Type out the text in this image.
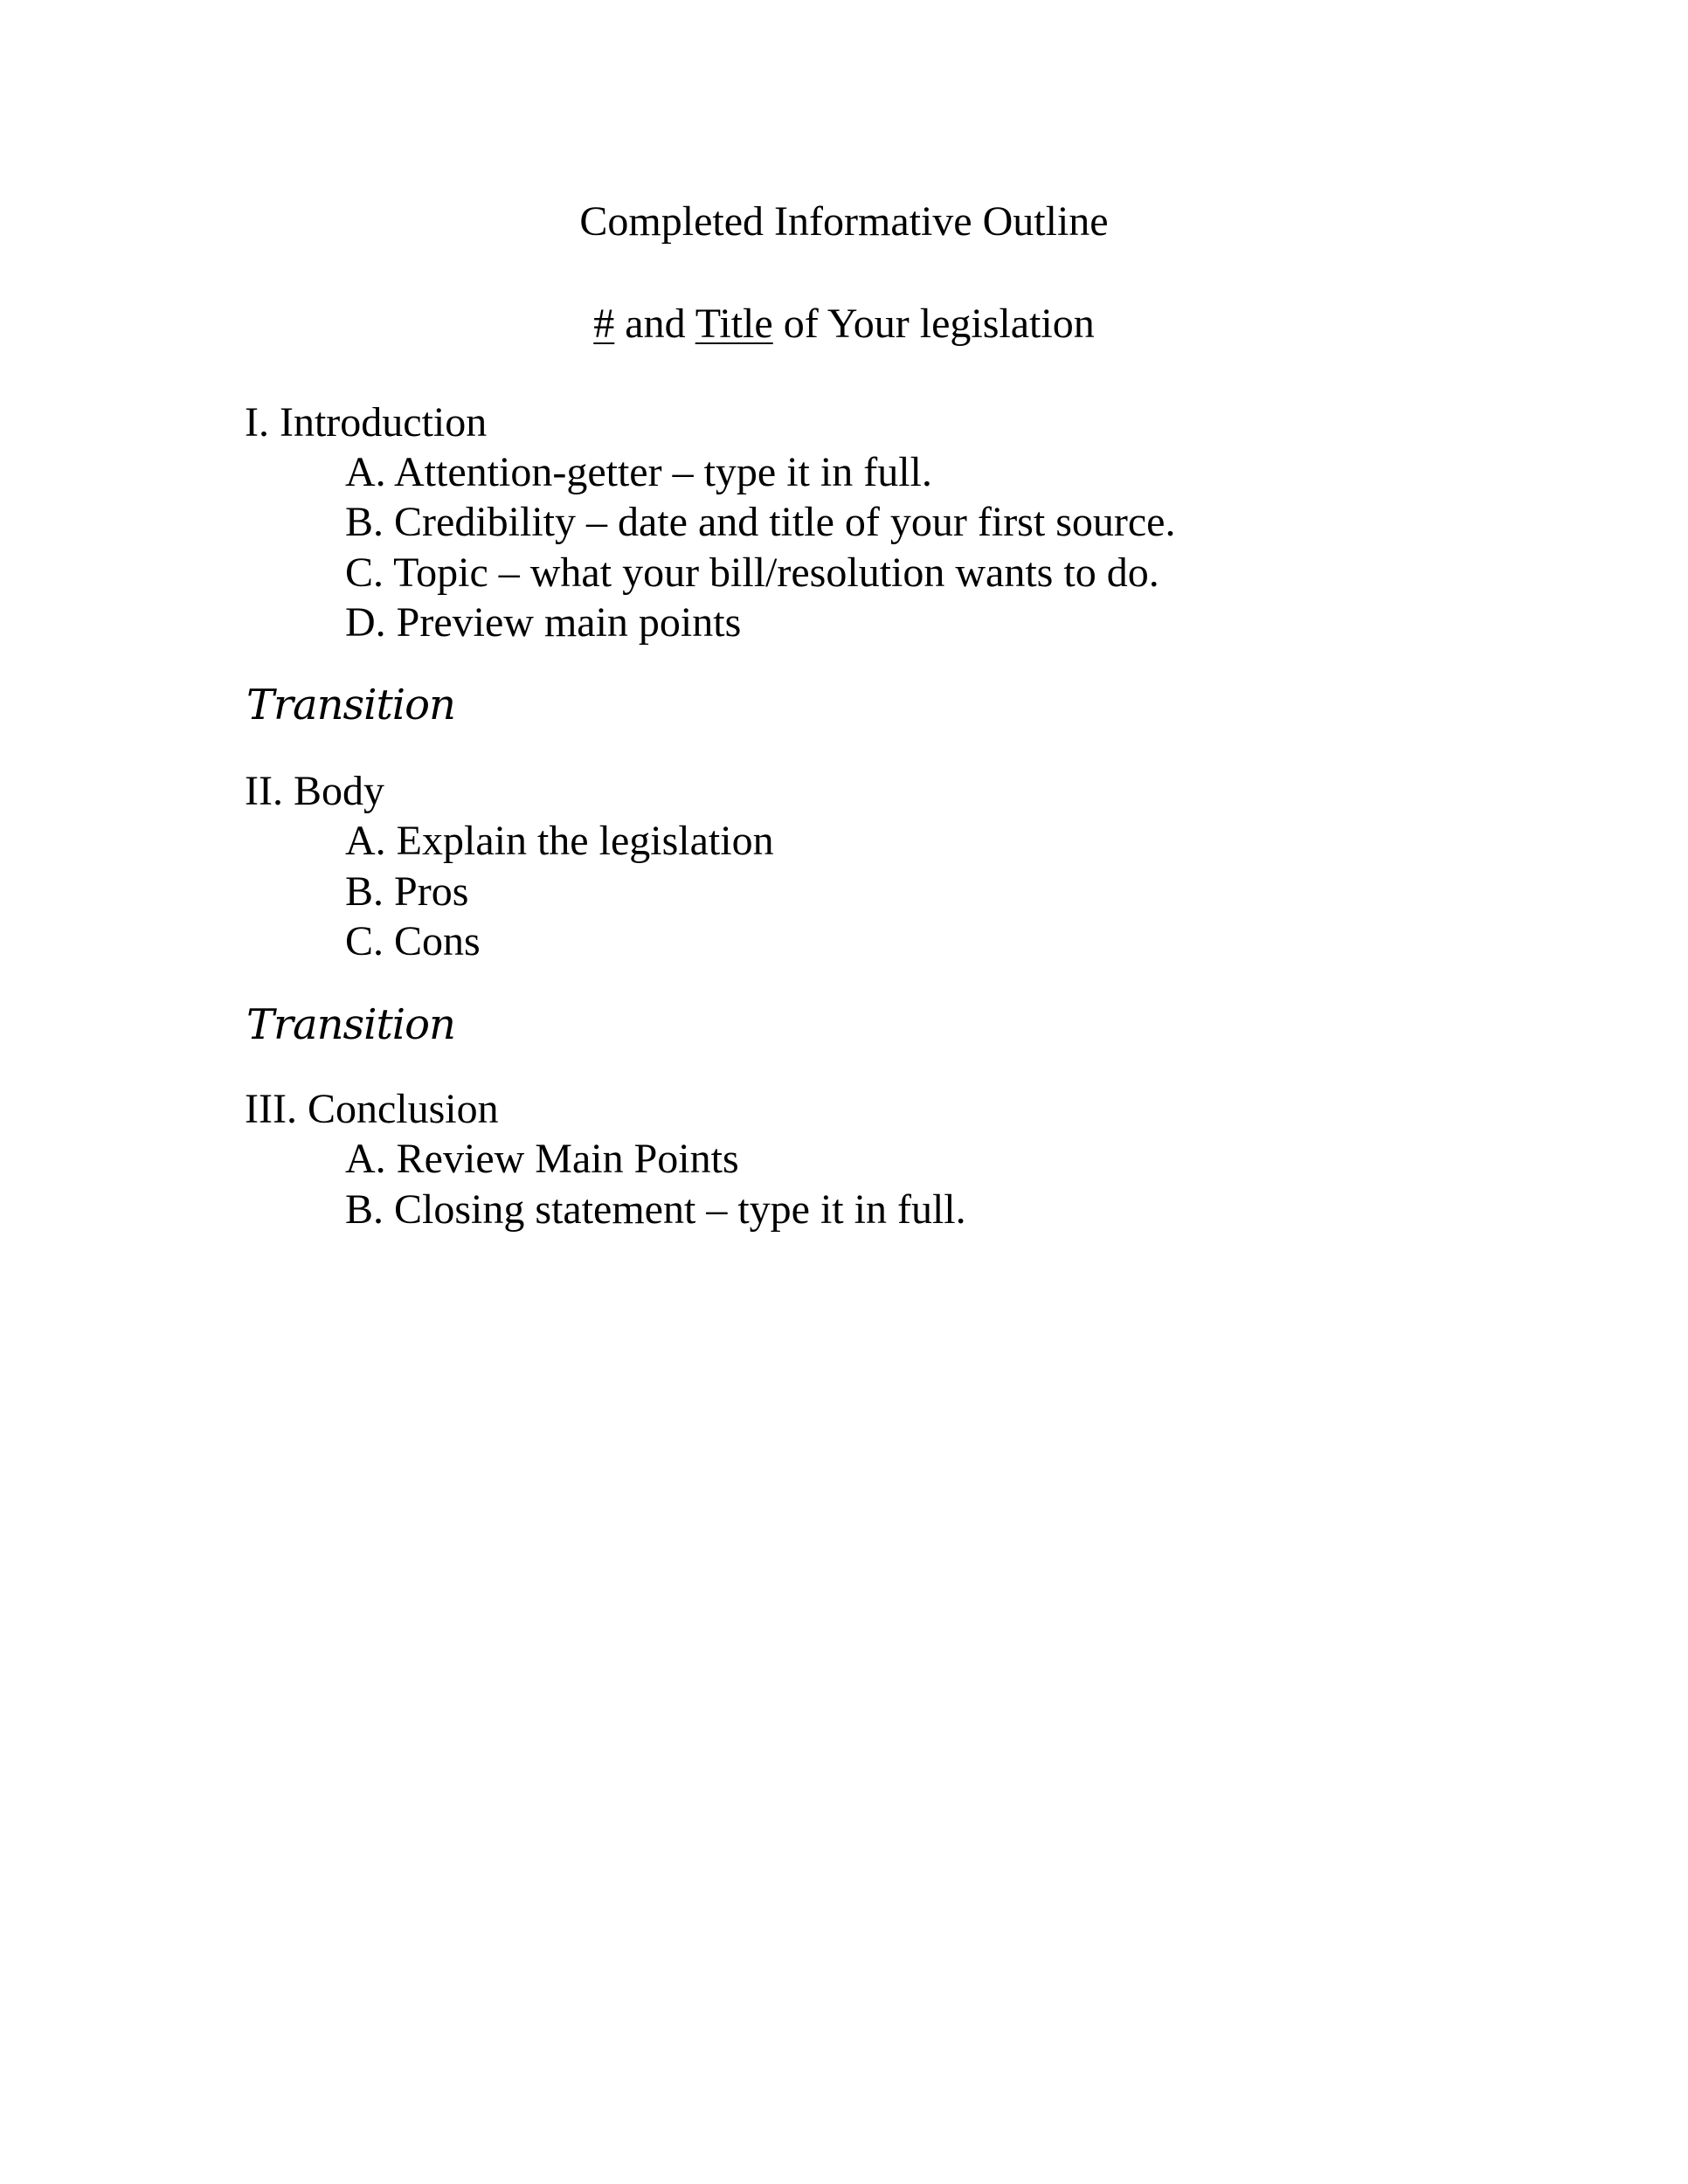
Completed Informative Outline
# and Title of Your legislation
I. Introduction
A. Attention-getter – type it in full.
B. Credibility – date and title of your first source.
C. Topic – what your bill/resolution wants to do.
D. Preview main points
Transition
II. Body
A. Explain the legislation
B. Pros
C. Cons
Transition
III. Conclusion
A. Review Main Points
B. Closing statement – type it in full.
